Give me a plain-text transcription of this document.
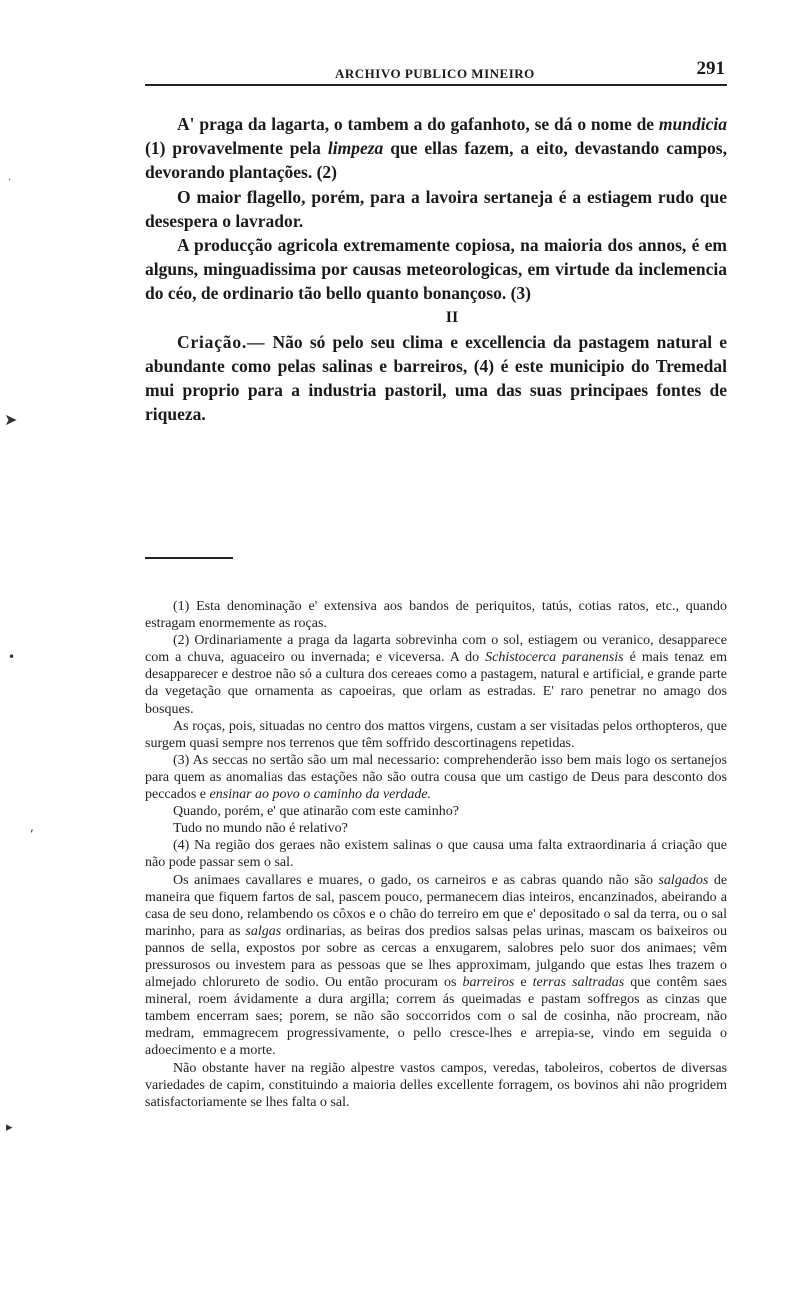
ARCHIVO PUBLICO MINEIRO	291

A' praga da lagarta, o tambem a do gafanhoto, se dá o nome de mundicia (1) provavelmente pela limpeza que ellas fazem, a eito, devastando campos, devorando plantações. (2)

O maior flagello, porém, para a lavoira sertaneja é a estiagem rudo que desespera o lavrador.

A producção agricola extremamente copiosa, na maioria dos annos, é em alguns, minguadissima por causas meteorologicas, em virtude da inclemencia do céo, de ordinario tão bello quanto bonançoso. (3)

II

Criação.— Não só pelo seu clima e excellencia da pastagem natural e abundante como pelas salinas e barreiros, (4) é este municipio do Tremedal mui proprio para a industria pastoril, uma das suas principaes fontes de riqueza.

(1) Esta denominação e' extensiva aos bandos de periquitos, tatús, cotias ratos, etc., quando estragam enormemente as roças.

(2) Ordinariamente a praga da lagarta sobrevinha com o sol, estiagem ou veranico, desapparece com a chuva, aguaceiro ou invernada; e viceversa. A do Schistocerca paranensis é mais tenaz em desapparecer e destroe não só a cultura dos cereaes como a pastagem, natural e artificial, e grande parte da vegetação que ornamenta as capoeiras, que orlam as estradas. E' raro penetrar no amago dos bosques.

As roças, pois, situadas no centro dos mattos virgens, custam a ser visitadas pelos orthopteros, que surgem quasi sempre nos terrenos que têm soffrido descortinagens repetidas.

(3) As seccas no sertão são um mal necessario: comprehenderão isso bem mais logo os sertanejos para quem as anomalias das estações não são outra cousa que um castigo de Deus para desconto dos peccados e ensinar ao povo o caminho da verdade.

Quando, porém, e' que atinarão com este caminho?

Tudo no mundo não é relativo?

(4) Na região dos geraes não existem salinas o que causa uma falta extraordinaria á criação que não pode passar sem o sal.

Os animaes cavallares e muares, o gado, os carneiros e as cabras quando não são salgados de maneira que fiquem fartos de sal, pascem pouco, permanecem dias inteiros, encanzinados, abeirando a casa de seu dono, relambendo os côxos e o chão do terreiro em que e' depositado o sal da terra, ou o sal marinho, para as salgas ordinarias, as beiras dos predios salsas pelas urinas, mascam os baixeiros ou pannos de sella, expostos por sobre as cercas a enxugarem, salobres pelo suor dos animaes; vêm pressurosos ou investem para as pessoas que se lhes approximam, julgando que estas lhes trazem o almejado chlorureto de sodio. Ou então procuram os barreiros e terras saltradas que contêm saes mineral, roem ávidamente a dura argilla; correm ás queimadas e pastam soffregos as cinzas que tambem encerram saes; porem, se não são soccorridos com o sal de cosinha, não procream, não medram, emmagrecem progressivamente, o pello cresce-lhes e arrepia-se, vindo em seguida o adoecimento e a morte.

Não obstante haver na região alpestre vastos campos, veredas, taboleiros, cobertos de diversas variedades de capim, constituindo a maioria delles excellente forragem, os bovinos ahi não progridem satisfactoriamente se lhes falta o sal.

·
➤
•
,
▸
